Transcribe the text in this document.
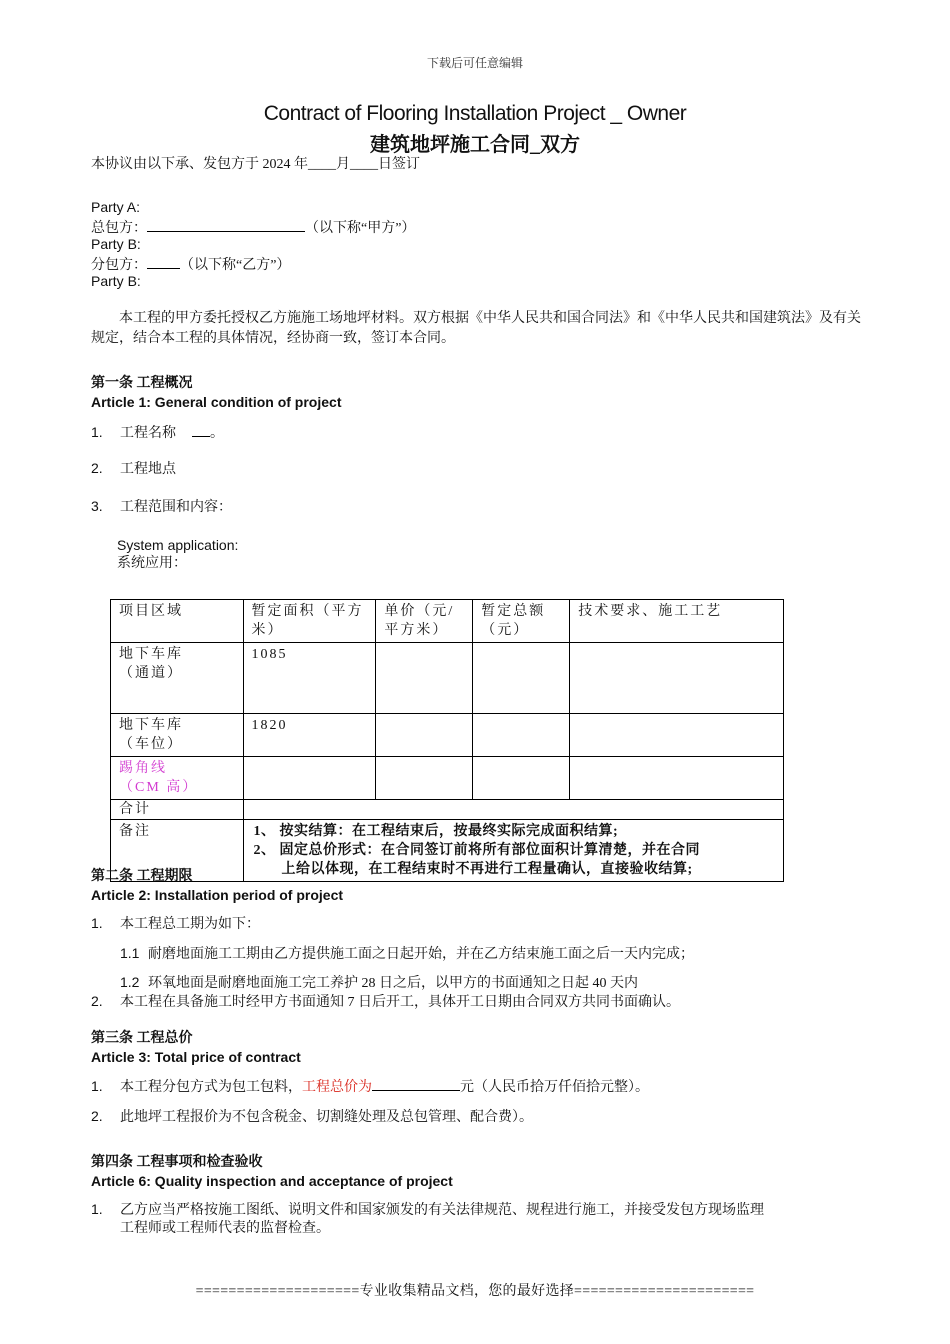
下载后可任意编辑
Contract of Flooring Installation Project _ Owner
建筑地坪施工合同_双方
本协议由以下承、发包方于 2024 年____月____日签订
Party A:
总包方：	（以下称“甲方”）
Party B:
分包方： （以下称“乙方”）
Party B:
本工程的甲方委托授权乙方施施工场地坪材料。双方根据《中华人民共和国合同法》和《中华人民共和国建筑法》及有关规定，结合本工程的具体情况，经协商一致，签订本合同。
第一条 工程概况
Article 1: General condition of project
1. 工程名称 。
2. 工程地点
3. 工程范围和内容：
System application:
系统应用：
项目区域	暂定面积（平方米）	单价（元/平方米）	暂定总额（元）	技术要求、施工工艺

地下车库
（通道）	1085			

地下车库
（车位）	1820			

踢角线
（CM 高）				

合计				
备注	1、 按实结算：在工程结束后，按最终实际完成面积结算;
2、 固定总价形式：在合同签订前将所有部位面积计算清楚，并在合同
上给以体现，在工程结束时不再进行工程量确认，直接验收结算;			
第二条 工程期限
Article 2: Installation period of project
1. 本工程总工期为如下：
1.1 耐磨地面施工工期由乙方提供施工面之日起开始，并在乙方结束施工面之后一天内完成；
1.2 环氧地面是耐磨地面施工完工养护 28 日之后，以甲方的书面通知之日起 40 天内
2. 本工程在具备施工时经甲方书面通知 7 日后开工，具体开工日期由合同双方共同书面确认。
第三条 工程总价
Article 3: Total price of contract
1. 本工程分包方式为包工包料，工程总价为	元（人民币拾万仟佰拾元整）。
2. 此地坪工程报价为不包含税金、切割缝处理及总包管理、配合费）。
第四条 工程事项和检查验收
Article 6: Quality inspection and acceptance of project
1. 乙方应当严格按施工图纸、说明文件和国家颁发的有关法律规范、规程进行施工，并接受发包方现场监理
工程师或工程师代表的监督检查。
====================专业收集精品文档，您的最好选择======================
